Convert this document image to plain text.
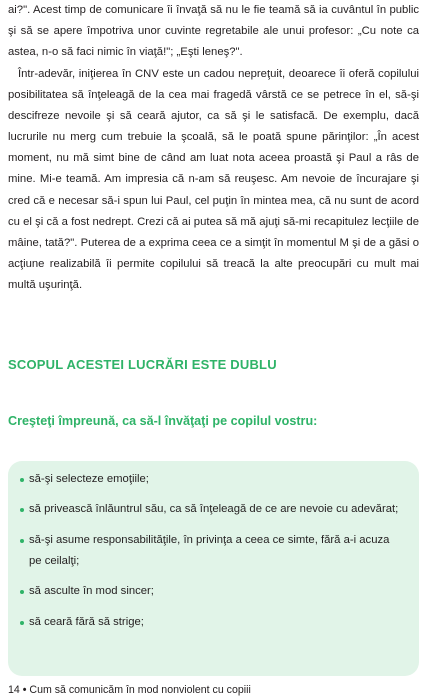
ai?". Acest timp de comunicare îi învaţă să nu le fie teamă să ia cuvântul în public şi să se apere împotriva unor cuvinte regretabile ale unui profesor: „Cu note ca astea, n-o să faci nimic în viaţă!"; „Eşti leneş?".

Într-adevăr, iniţierea în CNV este un cadou nepreţuit, deoarece îi oferă copilului posibilitatea să înţeleagă de la cea mai fragedă vârstă ce se petrece în el, să-şi descifreze nevoile şi să ceară ajutor, ca să şi le satisfacă. De exemplu, dacă lucrurile nu merg cum trebuie la şcoală, să le poată spune părinţilor: „În acest moment, nu mă simt bine de când am luat nota aceea proastă şi Paul a râs de mine. Mi-e teamă. Am impresia că n-am să reuşesc. Am nevoie de încurajare şi cred că e necesar să-i spun lui Paul, cel puţin în mintea mea, că nu sunt de acord cu el şi că a fost nedrept. Crezi că ai putea să mă ajuţi să-mi recapitulez lecţiile de mâine, tată?". Puterea de a exprima ceea ce a simţit în momentul M şi de a găsi o acţiune realizabilă îi permite copilului să treacă la alte preocupări cu mult mai multă uşurinţă.

SCOPUL ACESTEI LUCRĂRI ESTE DUBLU
Creşteţi împreună, ca să-l învăţaţi pe copilul vostru:
să-şi selecteze emoţiile;
să privească înlăuntrul său, ca să înţeleagă de ce are nevoie cu adevărat;
să-şi asume responsabilităţile, în privinţa a ceea ce simte, fără a-i acuza pe ceilalţi;
să asculte în mod sincer;
să ceară fără să strige;

14 • Cum să comunicăm în mod nonviolent cu copiii
